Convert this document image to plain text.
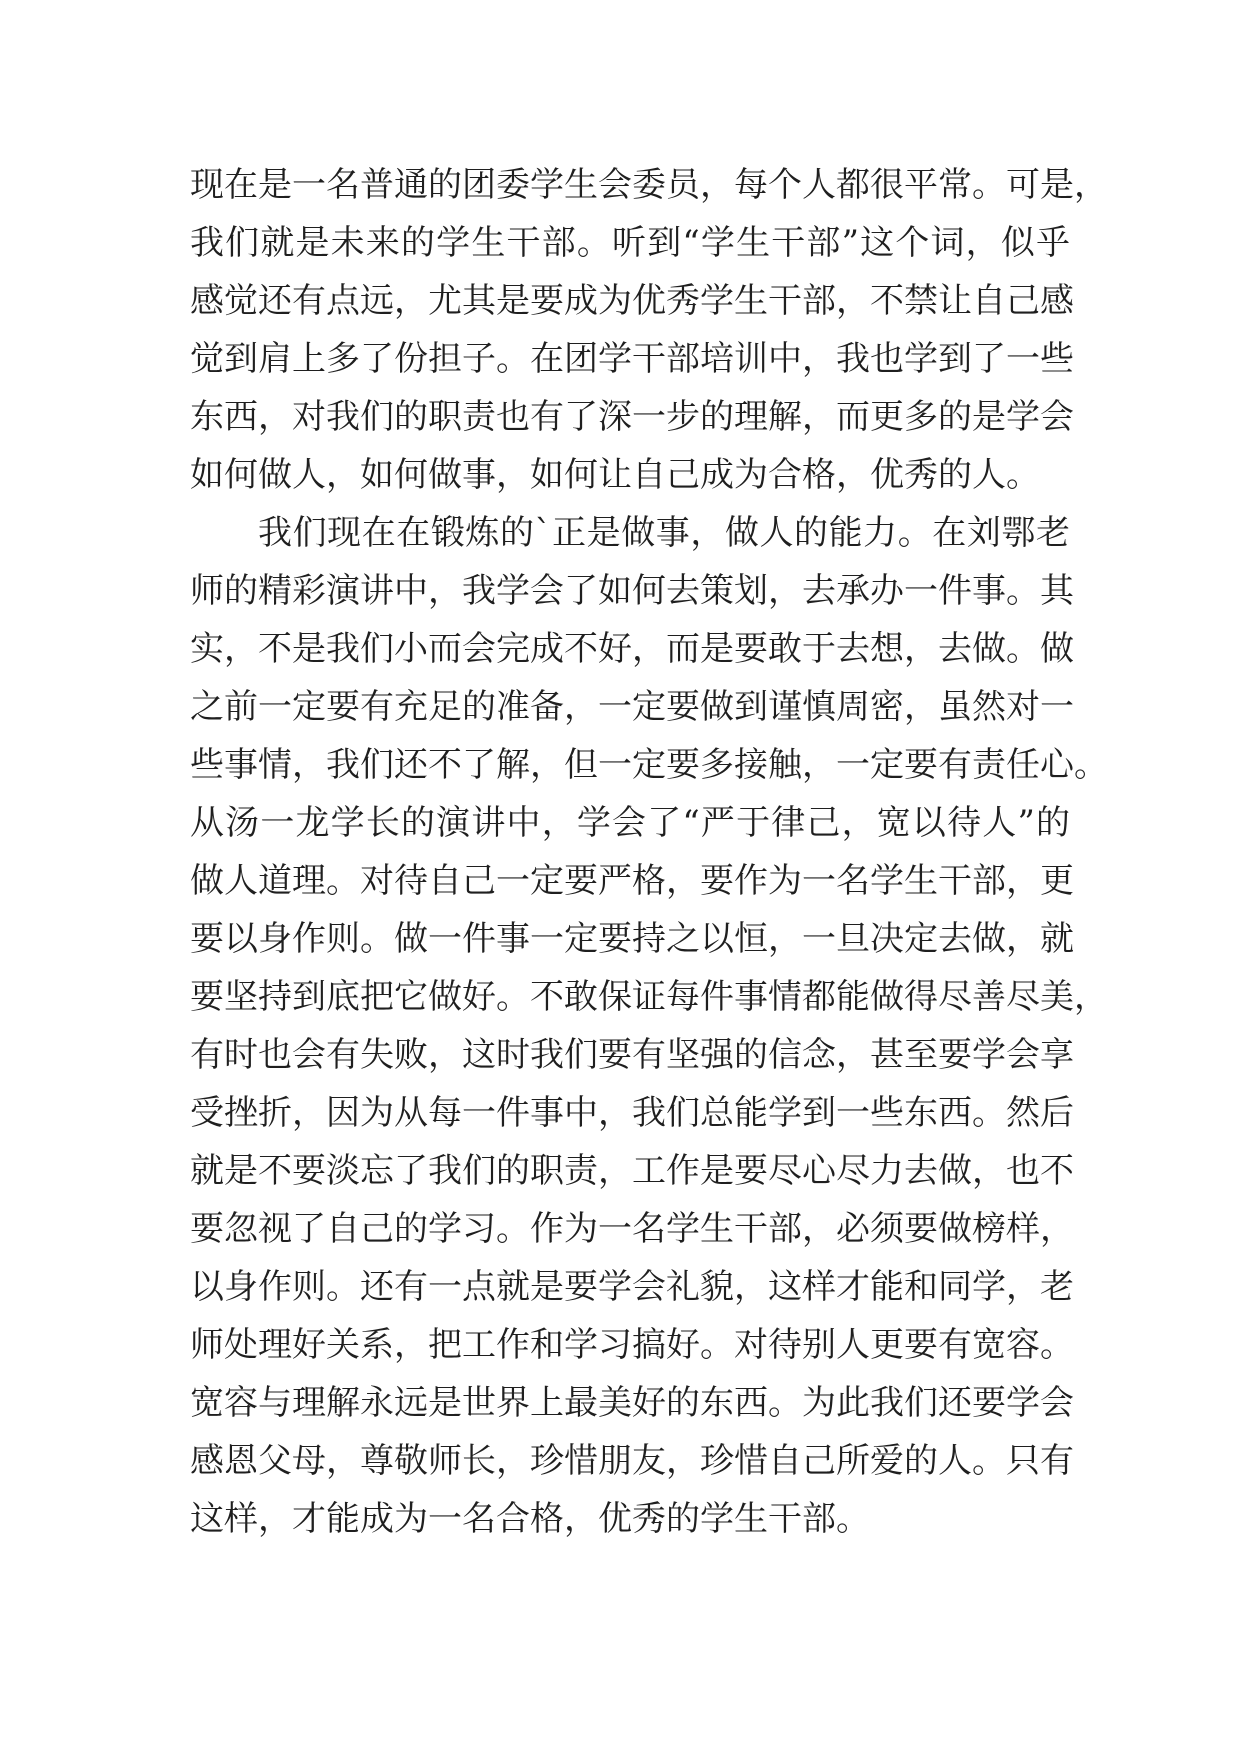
现在是一名普通的团委学生会委员，每个人都很平常。可是，
我们就是未来的学生干部。听到“学生干部”这个词，似乎
感觉还有点远，尤其是要成为优秀学生干部，不禁让自己感
觉到肩上多了份担子。在团学干部培训中，我也学到了一些
东西，对我们的职责也有了深一步的理解，而更多的是学会
如何做人，如何做事，如何让自己成为合格，优秀的人。
我们现在在锻炼的`正是做事，做人的能力。在刘鄂老
师的精彩演讲中，我学会了如何去策划，去承办一件事。其
实，不是我们小而会完成不好，而是要敢于去想，去做。做
之前一定要有充足的准备，一定要做到谨慎周密，虽然对一
些事情，我们还不了解，但一定要多接触，一定要有责任心。
从汤一龙学长的演讲中，学会了“严于律己，宽以待人”的
做人道理。对待自己一定要严格，要作为一名学生干部，更
要以身作则。做一件事一定要持之以恒，一旦决定去做，就
要坚持到底把它做好。不敢保证每件事情都能做得尽善尽美，
有时也会有失败，这时我们要有坚强的信念，甚至要学会享
受挫折，因为从每一件事中，我们总能学到一些东西。然后
就是不要淡忘了我们的职责，工作是要尽心尽力去做，也不
要忽视了自己的学习。作为一名学生干部，必须要做榜样，
以身作则。还有一点就是要学会礼貌，这样才能和同学，老
师处理好关系，把工作和学习搞好。对待别人更要有宽容。
宽容与理解永远是世界上最美好的东西。为此我们还要学会
感恩父母，尊敬师长，珍惜朋友，珍惜自己所爱的人。只有
这样，才能成为一名合格，优秀的学生干部。
